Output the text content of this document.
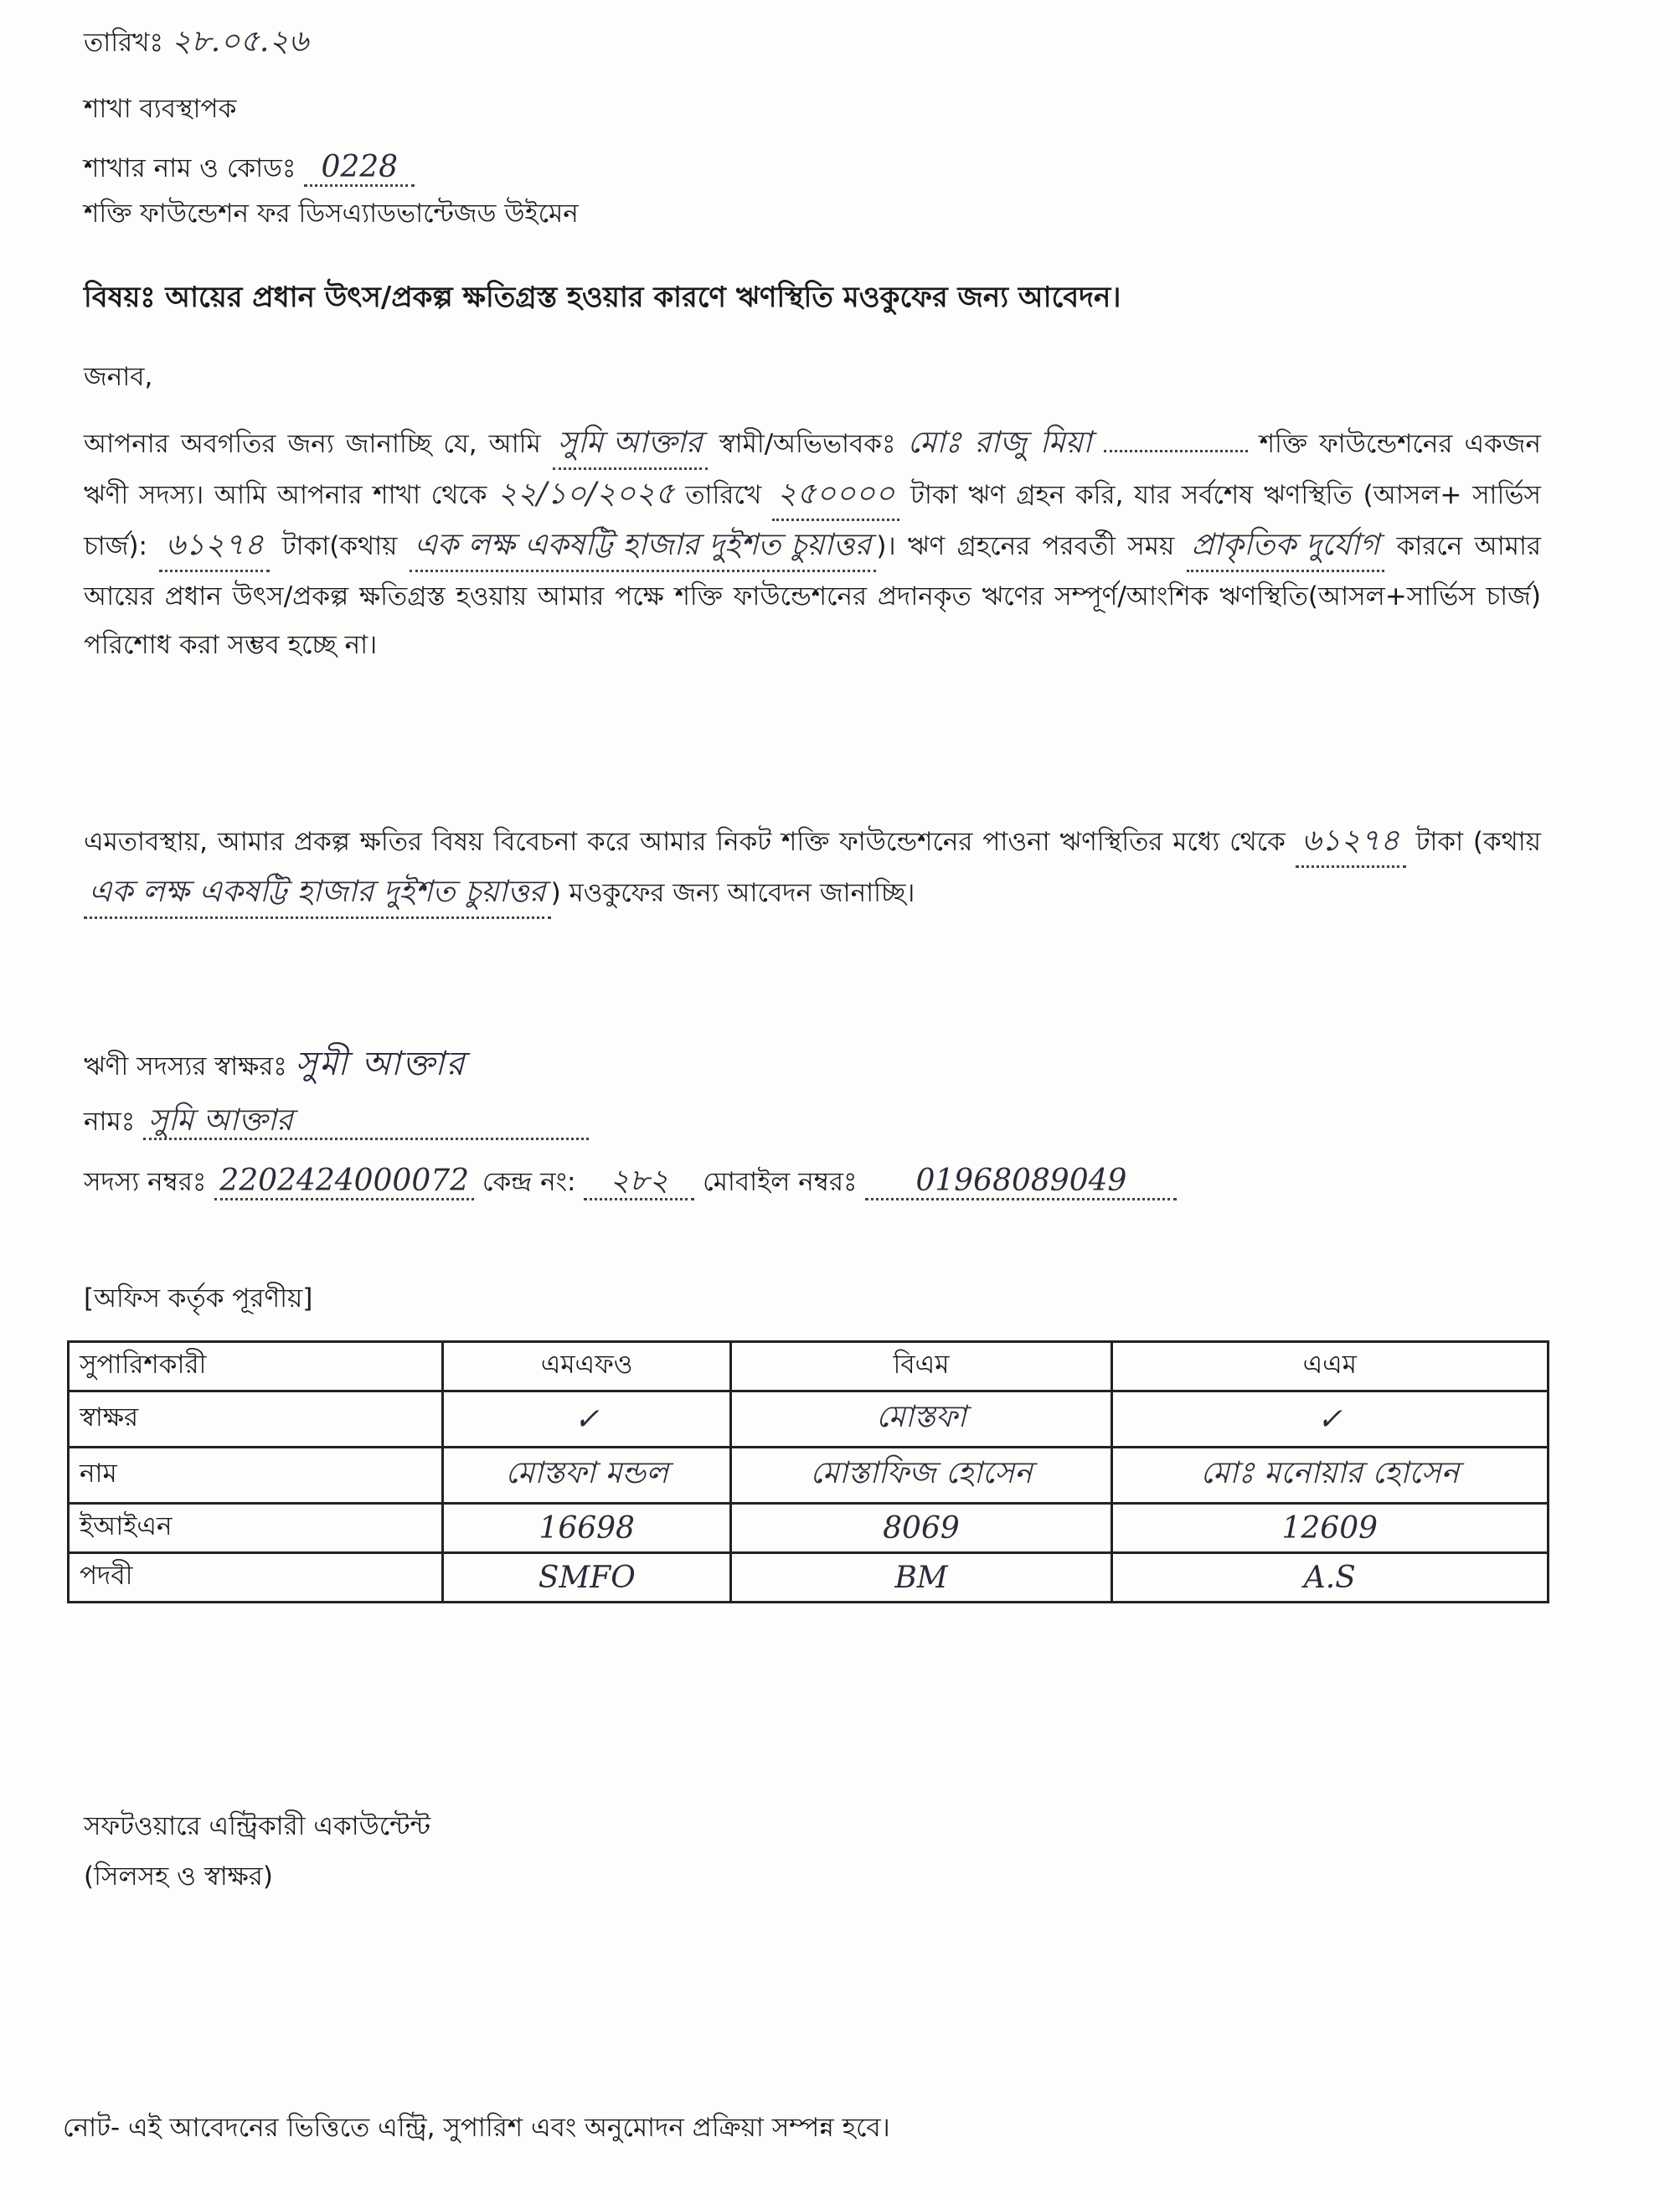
তারিখঃ ২৮.০৫.২৬
শাখা ব্যবস্থাপক
শাখার নাম ও কোডঃ 0228
শক্তি ফাউন্ডেশন ফর ডিসএ্যাডভান্টেজড উইমেন
বিষয়ঃ আয়ের প্রধান উৎস/প্রকল্প ক্ষতিগ্রস্ত হওয়ার কারণে ঋণস্থিতি মওকুফের জন্য আবেদন।
জনাব,
আপনার অবগতির জন্য জানাচ্ছি যে, আমি সুমি আক্তার স্বামী/অভিভাবকঃ মোঃ রাজু মিয়া	শক্তি ফাউন্ডেশনের একজন ঋণী সদস্য। আমি আপনার শাখা থেকে ২২/১০/২০২৫ তারিখে ২৫০০০০ টাকা ঋণ গ্রহন করি, যার সর্বশেষ ঋণস্থিতি (আসল+ সার্ভিস চার্জ): ৬১২৭৪ টাকা(কথায় এক লক্ষ একষট্টি হাজার দুইশত চুয়াত্তর )। ঋণ গ্রহনের পরবর্তী সময় প্রাকৃতিক দুর্যোগ কারনে আমার আয়ের প্রধান উৎস/প্রকল্প ক্ষতিগ্রস্ত হওয়ায় আমার পক্ষে শক্তি ফাউন্ডেশনের প্রদানকৃত ঋণের সম্পূর্ণ/আংশিক ঋণস্থিতি(আসল+সার্ভিস চার্জ) পরিশোধ করা সম্ভব হচ্ছে না।
এমতাবস্থায়, আমার প্রকল্প ক্ষতির বিষয় বিবেচনা করে আমার নিকট শক্তি ফাউন্ডেশনের পাওনা ঋণস্থিতির মধ্যে থেকে ৬১২৭৪ টাকা (কথায় এক লক্ষ একষট্টি হাজার দুইশত চুয়াত্তর ) মওকুফের জন্য আবেদন জানাচ্ছি।
ঋণী সদস্যর স্বাক্ষরঃ সুমী আক্তার
নামঃ সুমি আক্তার
সদস্য নম্বরঃ 2202424000072 কেন্দ্র নং: ২৮২ মোবাইল নম্বরঃ 01968089049
[অফিস কর্তৃক পূরণীয়]
সুপারিশকারী	এমএফও	বিএম	এএম
স্বাক্ষর	✓	মোস্তফা	✓
নাম	মোস্তফা মন্ডল	মোস্তাফিজ হোসেন	মোঃ মনোয়ার হোসেন
ইআইএন	16698	8069	12609
পদবী	SMFO	BM	A.S
সফটওয়ারে এন্ট্রিকারী একাউন্টেন্ট
(সিলসহ ও স্বাক্ষর)
নোট- এই আবেদনের ভিত্তিতে এন্ট্রি, সুপারিশ এবং অনুমোদন প্রক্রিয়া সম্পন্ন হবে।
